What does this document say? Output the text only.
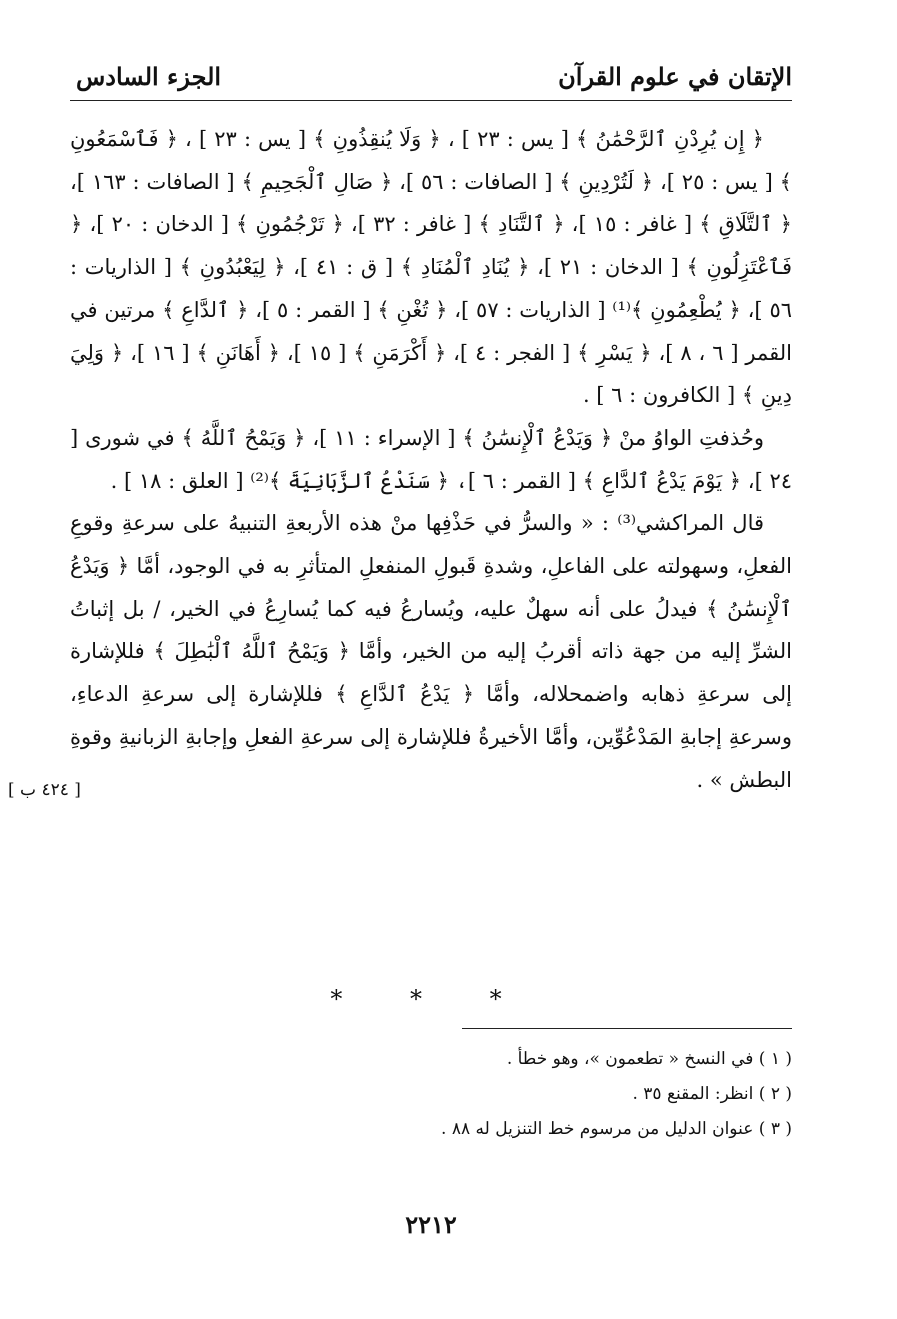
الإتقان في علوم القرآن
الجزء السادس

﴿ إِن يُرِدْنِ ٱلرَّحْمَٰنُ ﴾ [ يس : ٢٣ ] ، ﴿ وَلَا يُنقِذُونِ ﴾ [ يس : ٢٣ ] ، ﴿ فَٱسْمَعُونِ ﴾ [ يس : ٢٥ ]، ﴿ لَتُرْدِينِ ﴾ [ الصافات : ٥٦ ]، ﴿ صَالِ ٱلْجَحِيمِ ﴾ [ الصافات : ١٦٣ ]، ﴿ ٱلتَّلَاقِ ﴾ [ غافر : ١٥ ]، ﴿ ٱلتَّنَادِ ﴾ [ غافر : ٣٢ ]، ﴿ تَرْجُمُونِ ﴾ [ الدخان : ٢٠ ]، ﴿ فَٱعْتَزِلُونِ ﴾ [ الدخان : ٢١ ]، ﴿ يُنَادِ ٱلْمُنَادِ ﴾ [ ق : ٤١ ]، ﴿ لِيَعْبُدُونِ ﴾ [ الذاريات : ٥٦ ]، ﴿ يُطْعِمُونِ ﴾⁽¹⁾ [ الذاريات : ٥٧ ]، ﴿ تُغْنِ ﴾ [ القمر : ٥ ]، ﴿ ٱلدَّاعِ ﴾ مرتين في القمر [ ٦ ، ٨ ]، ﴿ يَسْرِ ﴾ [ الفجر : ٤ ]، ﴿ أَكْرَمَنِ ﴾ [ ١٥ ]، ﴿ أَهَانَنِ ﴾ [ ١٦ ]، ﴿ وَلِيَ دِينِ ﴾ [ الكافرون : ٦ ] .

وحُذفتِ الواوُ منْ ﴿ وَيَدْعُ ٱلْإِنسَٰنُ ﴾ [ الإسراء : ١١ ]، ﴿ وَيَمْحُ ٱللَّهُ ﴾ في شورى [ ٢٤ ]، ﴿ يَوْمَ يَدْعُ ٱلدَّاعِ ﴾ [ القمر : ٦ ]، ﴿ سَنَدْعُ ٱلزَّبَانِيَةَ ﴾⁽²⁾ [ العلق : ١٨ ] .

قال المراكشي⁽³⁾ : « والسرُّ في حَذْفِها منْ هذه الأربعةِ التنبيهُ على سرعةِ وقوعِ الفعلِ، وسهولته على الفاعلِ، وشدةِ قَبولِ المنفعلِ المتأثرِ به في الوجود، أمَّا ﴿ وَيَدْعُ ٱلْإِنسَٰنُ ﴾ فيدلُ على أنه سهلٌ عليه، ويُسارعُ فيه كما يُسارِعُ في الخير، / بل إثباتُ الشرِّ إليه من جهة ذاته أقربُ إليه من الخير، وأمَّا ﴿ وَيَمْحُ ٱللَّهُ ٱلْبَٰطِلَ ﴾ فللإشارة إلى سرعةِ ذهابه واضمحلاله، وأمَّا ﴿ يَدْعُ ٱلدَّاعِ ﴾ فللإشارة إلى سرعةِ الدعاءِ، وسرعةِ إجابةِ المَدْعُوِّين، وأمَّا الأخيرةُ فللإشارة إلى سرعةِ الفعلِ وإجابةِ الزبانيةِ وقوةِ البطش » .

[ ٤٢٤ ب ]
* * *
( ١ ) في النسخ « تطعمون »، وهو خطأ .
( ٢ ) انظر: المقنع ٣٥ .
( ٣ ) عنوان الدليل من مرسوم خط التنزيل له ٨٨ .
٢٢١٢
